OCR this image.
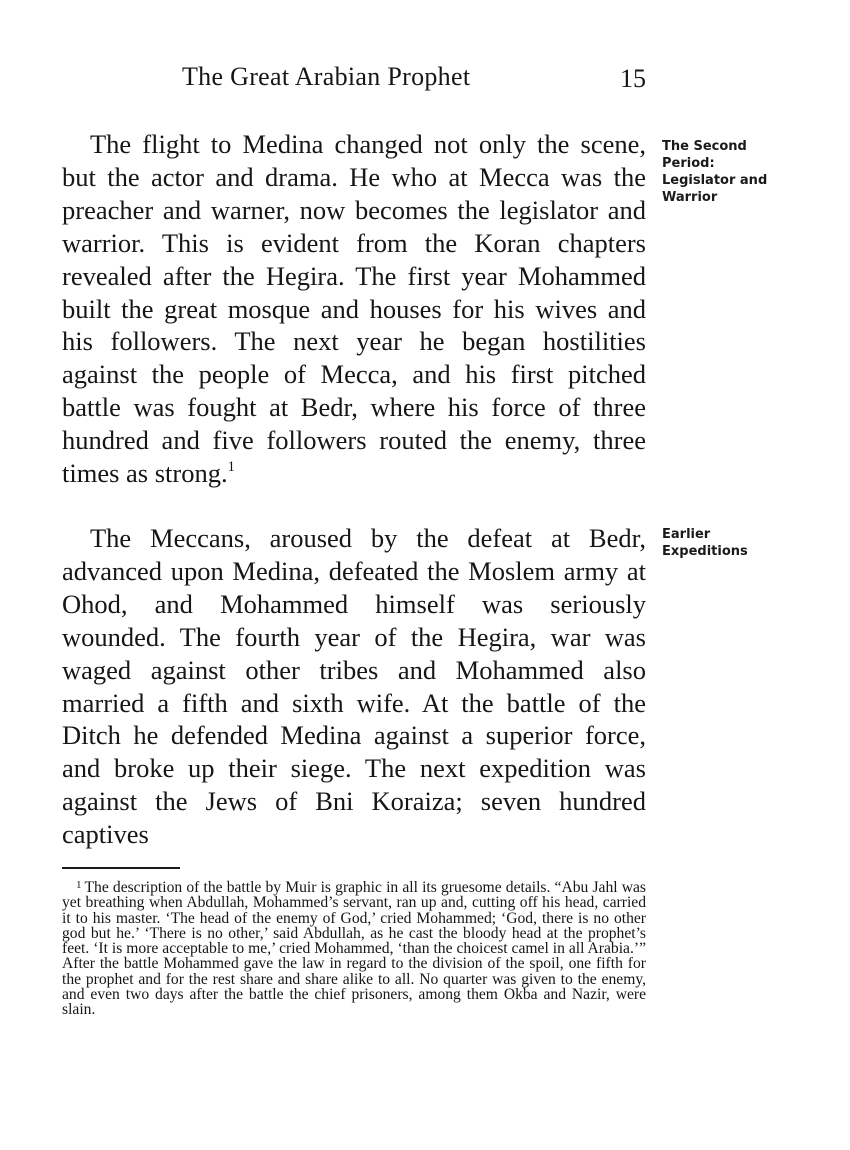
The Great Arabian Prophet	15

The flight to Medina changed not only the scene, but the actor and drama. He who at Mecca was the preacher and warner, now becomes the legislator and warrior. This is evident from the Koran chapters revealed after the Hegira. The first year Mohammed built the great mosque and houses for his wives and his followers. The next year he began hostilities against the people of Mecca, and his first pitched battle was fought at Bedr, where his force of three hundred and five followers routed the enemy, three times as strong.$^1$

The Second
Period:
Legislator and
Warrior

The Meccans, aroused by the defeat at Bedr, advanced upon Medina, defeated the Moslem army at Ohod, and Mohammed himself was seriously wounded. The fourth year of the Hegira, war was waged against other tribes and Mohammed also married a fifth and sixth wife. At the battle of the Ditch he defended Medina against a superior force, and broke up their siege. The next expedition was against the Jews of Bni Koraiza; seven hundred captives

Earlier
Expeditions

$^1$ The description of the battle by Muir is graphic in all its gruesome details. “Abu Jahl was yet breathing when Abdullah, Mohammed’s servant, ran up and, cutting off his head, carried it to his master. ‘The head of the enemy of God,’ cried Mohammed; ‘God, there is no other god but he.’ ‘There is no other,’ said Abdullah, as he cast the bloody head at the prophet’s feet. ‘It is more acceptable to me,’ cried Mohammed, ‘than the choicest camel in all Arabia.’” After the battle Mohammed gave the law in regard to the division of the spoil, one fifth for the prophet and for the rest share and share alike to all. No quarter was given to the enemy, and even two days after the battle the chief prisoners, among them Okba and Nazir, were slain.
